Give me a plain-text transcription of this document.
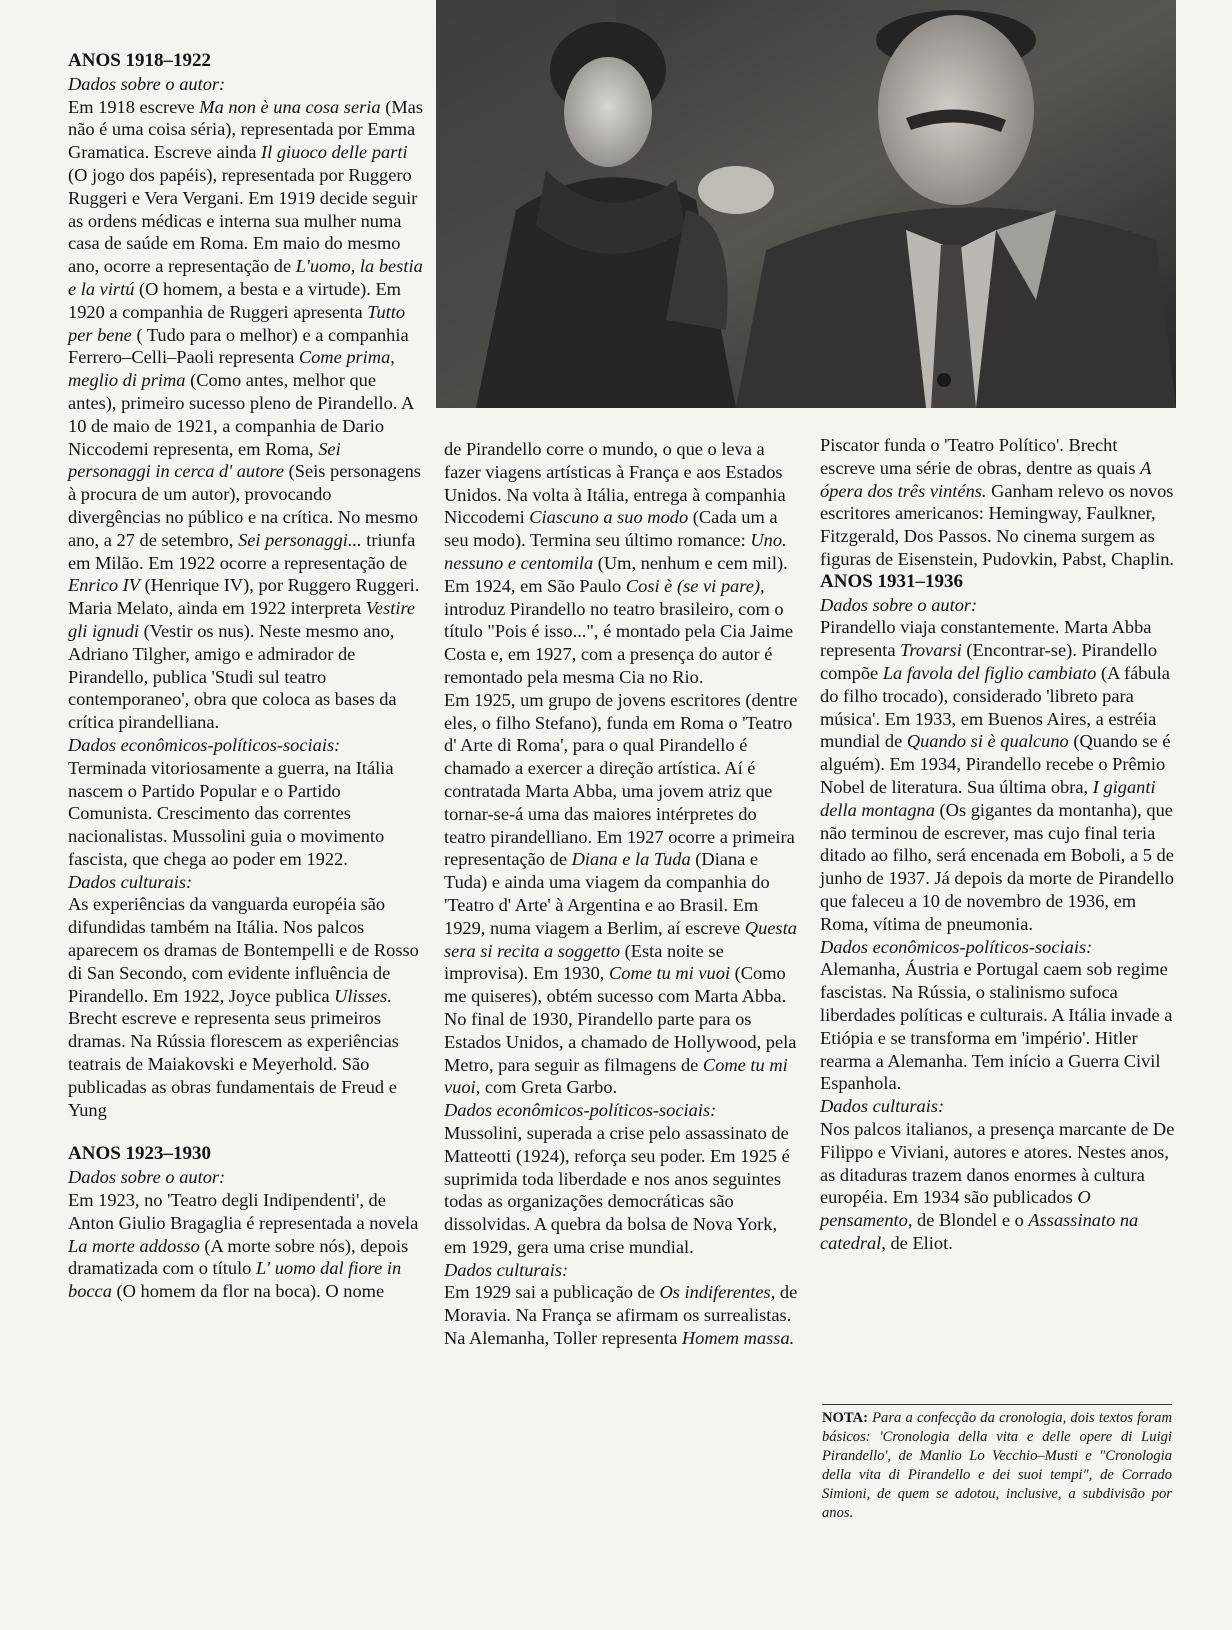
ANOS 1918–1922

Dados sobre o autor:

Em 1918 escreve Ma non è una cosa seria (Mas não é uma coisa séria), representada por Emma Gramatica. Escreve ainda Il giuoco delle parti (O jogo dos papéis), representada por Ruggero Ruggeri e Vera Vergani. Em 1919 decide seguir as ordens médicas e interna sua mulher numa casa de saúde em Roma. Em maio do mesmo ano, ocorre a representação de L'uomo, la bestia e la virtú (O homem, a besta e a virtude). Em 1920 a companhia de Ruggeri apresenta Tutto per bene ( Tudo para o melhor) e a companhia Ferrero–Celli–Paoli representa Come prima, meglio di prima (Como antes, melhor que antes), primeiro sucesso pleno de Pirandello. A 10 de maio de 1921, a companhia de Dario Niccodemi representa, em Roma, Sei personaggi in cerca d' autore (Seis personagens à procura de um autor), provocando divergências no público e na crítica. No mesmo ano, a 27 de setembro, Sei personaggi... triunfa em Milão. Em 1922 ocorre a representação de Enrico IV (Henrique IV), por Ruggero Ruggeri. Maria Melato, ainda em 1922 interpreta Vestire gli ignudi (Vestir os nus). Neste mesmo ano, Adriano Tilgher, amigo e admirador de Pirandello, publica 'Studi sul teatro contemporaneo', obra que coloca as bases da crítica pirandelliana.

Dados econômicos-políticos-sociais:

Terminada vitoriosamente a guerra, na Itália nascem o Partido Popular e o Partido Comunista. Crescimento das correntes nacionalistas. Mussolini guia o movimento fascista, que chega ao poder em 1922.

Dados culturais:

As experiências da vanguarda européia são difundidas também na Itália. Nos palcos aparecem os dramas de Bontempelli e de Rosso di San Secondo, com evidente influência de Pirandello. Em 1922, Joyce publica Ulisses. Brecht escreve e representa seus primeiros dramas. Na Rússia florescem as experiências teatrais de Maiakovski e Meyerhold. São publicadas as obras fundamentais de Freud e Yung

ANOS 1923–1930

Dados sobre o autor:

Em 1923, no 'Teatro degli Indipendenti', de Anton Giulio Bragaglia é representada a novela La morte addosso (A morte sobre nós), depois dramatizada com o título L' uomo dal fiore in bocca (O homem da flor na boca). O nome

de Pirandello corre o mundo, o que o leva a fazer viagens artísticas à França e aos Estados Unidos. Na volta à Itália, entrega à companhia Niccodemi Ciascuno a suo modo (Cada um a seu modo). Termina seu último romance: Uno. nessuno e centomila (Um, nenhum e cem mil). Em 1924, em São Paulo Cosi è (se vi pare), introduz Pirandello no teatro brasileiro, com o título "Pois é isso...", é montado pela Cia Jaime Costa e, em 1927, com a presença do autor é remontado pela mesma Cia no Rio.

Em 1925, um grupo de jovens escritores (dentre eles, o filho Stefano), funda em Roma o 'Teatro d' Arte di Roma', para o qual Pirandello é chamado a exercer a direção artística. Aí é contratada Marta Abba, uma jovem atriz que tornar-se-á uma das maiores intérpretes do teatro pirandelliano. Em 1927 ocorre a primeira representação de Diana e la Tuda (Diana e Tuda) e ainda uma viagem da companhia do 'Teatro d' Arte' à Argentina e ao Brasil. Em 1929, numa viagem a Berlim, aí escreve Questa sera si recita a soggetto (Esta noite se improvisa). Em 1930, Come tu mi vuoi (Como me quiseres), obtém sucesso com Marta Abba. No final de 1930, Pirandello parte para os Estados Unidos, a chamado de Hollywood, pela Metro, para seguir as filmagens de Come tu mi vuoi, com Greta Garbo.

Dados econômicos-políticos-sociais:

Mussolini, superada a crise pelo assassinato de Matteotti (1924), reforça seu poder. Em 1925 é suprimida toda liberdade e nos anos seguintes todas as organizações democráticas são dissolvidas. A quebra da bolsa de Nova York, em 1929, gera uma crise mundial.

Dados culturais:

Em 1929 sai a publicação de Os indiferentes, de Moravia. Na França se afirmam os surrealistas. Na Alemanha, Toller representa Homem massa.

Piscator funda o 'Teatro Político'. Brecht escreve uma série de obras, dentre as quais A ópera dos três vinténs. Ganham relevo os novos escritores americanos: Hemingway, Faulkner, Fitzgerald, Dos Passos. No cinema surgem as figuras de Eisenstein, Pudovkin, Pabst, Chaplin.

ANOS 1931–1936

Dados sobre o autor:

Pirandello viaja constantemente. Marta Abba representa Trovarsi (Encontrar-se). Pirandello compõe La favola del figlio cambiato (A fábula do filho trocado), considerado 'libreto para música'. Em 1933, em Buenos Aires, a estréia mundial de Quando si è qualcuno (Quando se é alguém). Em 1934, Pirandello recebe o Prêmio Nobel de literatura. Sua última obra, I giganti della montagna (Os gigantes da montanha), que não terminou de escrever, mas cujo final teria ditado ao filho, será encenada em Boboli, a 5 de junho de 1937. Já depois da morte de Pirandello que faleceu a 10 de novembro de 1936, em Roma, vítima de pneumonia.

Dados econômicos-políticos-sociais:

Alemanha, Áustria e Portugal caem sob regime fascistas. Na Rússia, o stalinismo sufoca liberdades políticas e culturais. A Itália invade a Etiópia e se transforma em 'império'. Hitler rearma a Alemanha. Tem início a Guerra Civil Espanhola.

Dados culturais:

Nos palcos italianos, a presença marcante de De Filippo e Viviani, autores e atores. Nestes anos, as ditaduras trazem danos enormes à cultura européia. Em 1934 são publicados O pensamento, de Blondel e o Assassinato na catedral, de Eliot.

NOTA: Para a confecção da cronologia, dois textos foram básicos: 'Cronologia della vita e delle opere di Luigi Pirandello', de Manlio Lo Vecchio–Musti e "Cronologia della vita di Pirandello e dei suoi tempi", de Corrado Simioni, de quem se adotou, inclusive, a subdivisão por anos.
